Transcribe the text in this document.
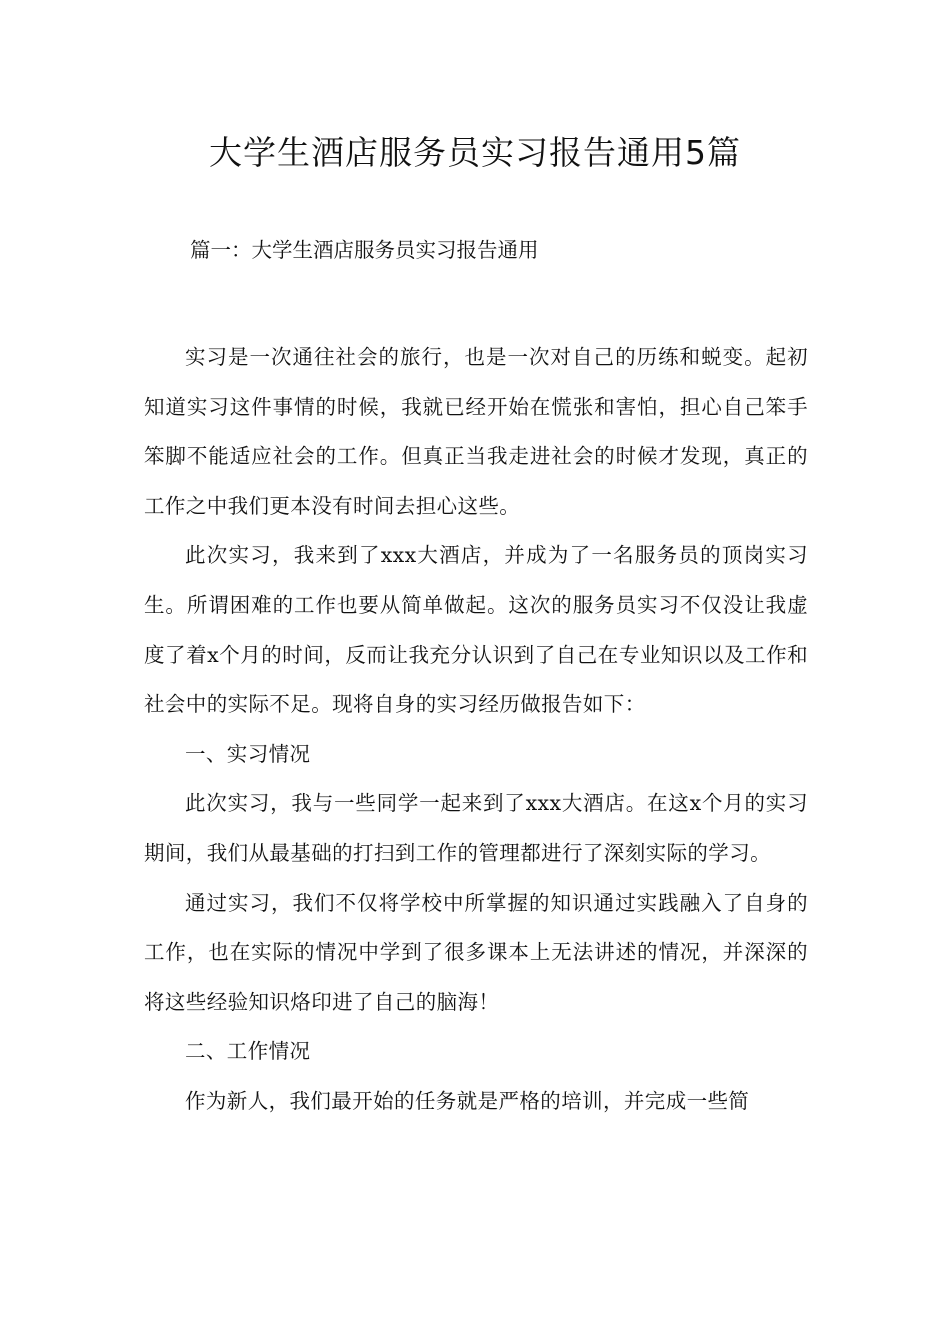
大学生酒店服务员实习报告通用5篇

篇一：大学生酒店服务员实习报告通用

实习是一次通往社会的旅行，也是一次对自己的历练和蜕变。起初知道实习这件事情的时候，我就已经开始在慌张和害怕，担心自己笨手笨脚不能适应社会的工作。但真正当我走进社会的时候才发现，真正的工作之中我们更本没有时间去担心这些。

此次实习，我来到了xxx大酒店，并成为了一名服务员的顶岗实习生。所谓困难的工作也要从简单做起。这次的服务员实习不仅没让我虚度了着x个月的时间，反而让我充分认识到了自己在专业知识以及工作和社会中的实际不足。现将自身的实习经历做报告如下：

一、实习情况

此次实习，我与一些同学一起来到了xxx大酒店。在这x个月的实习期间，我们从最基础的打扫到工作的管理都进行了深刻实际的学习。

通过实习，我们不仅将学校中所掌握的知识通过实践融入了自身的工作，也在实际的情况中学到了很多课本上无法讲述的情况，并深深的将这些经验知识烙印进了自己的脑海！

二、工作情况

作为新人，我们最开始的任务就是严格的培训，并完成一些简
